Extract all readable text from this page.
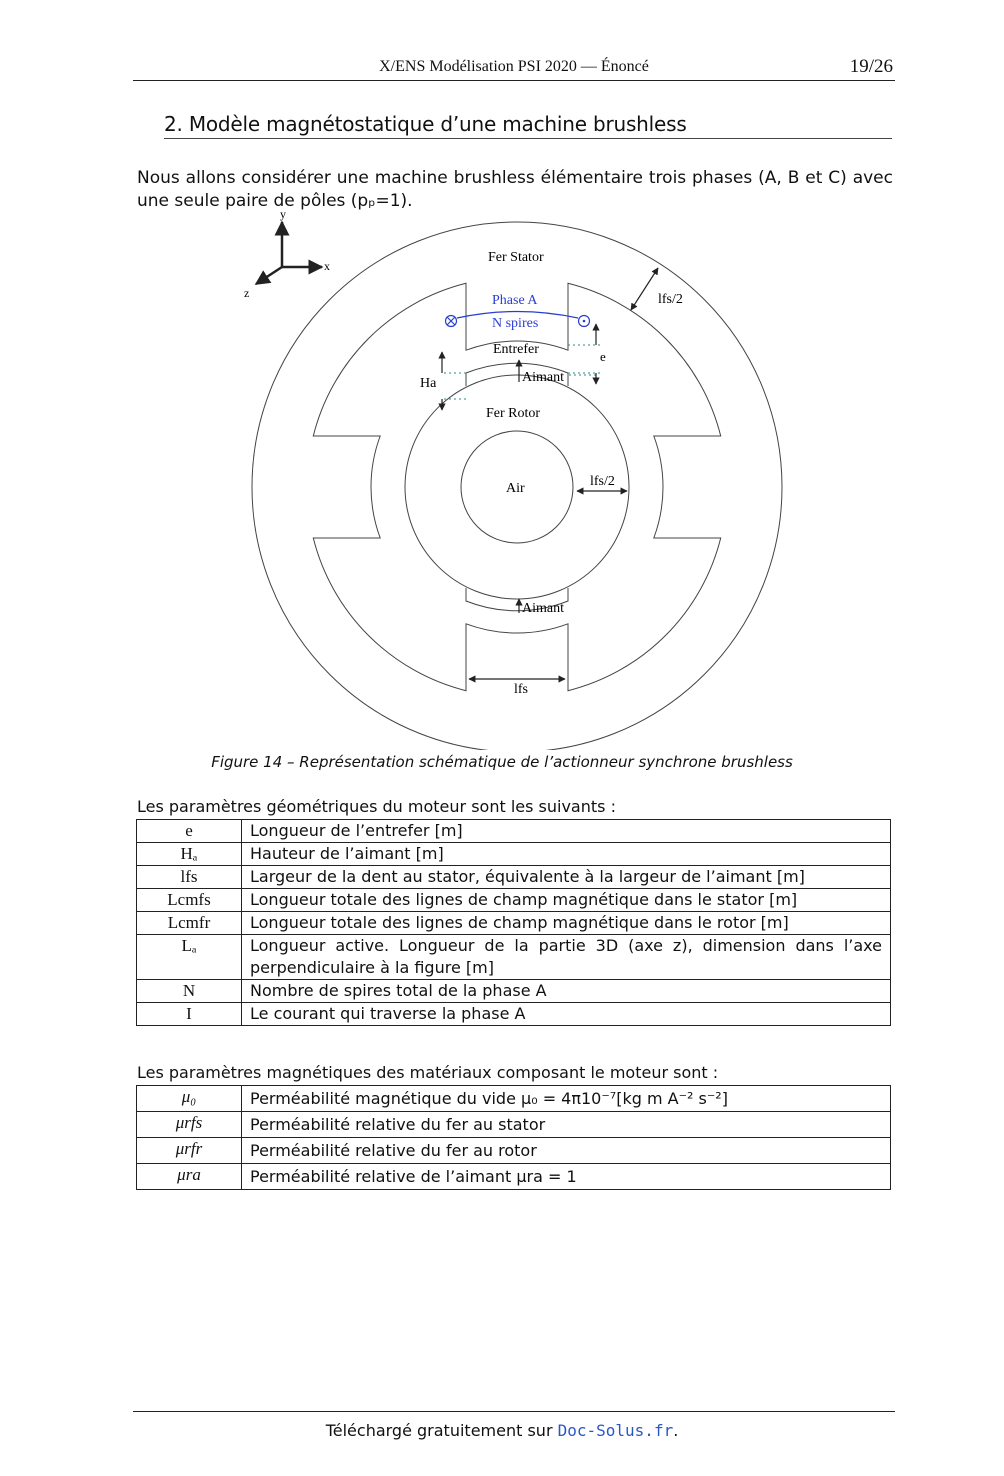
X/ENS Modélisation PSI 2020 — Énoncé	19/26
2. Modèle magnétostatique d’une machine brushless
Nous allons considérer une machine brushless élémentaire trois phases (A, B et C) avec une seule paire de pôles (pₚ=1).
y
x
z
Fer Stator
Phase A
N spires
Entrefer
Aimant
Fer Rotor
Air
Aimant
Ha
e
lfs/2
lfs/2
lfs
Figure 14 – Représentation schématique de l’actionneur synchrone brushless
Les paramètres géométriques du moteur sont les suivants :
e	Longueur de l’entrefer [m]
Hₐ	Hauteur de l’aimant [m]
lfs	Largeur de la dent au stator, équivalente à la largeur de l’aimant [m]
Lcmfs	Longueur totale des lignes de champ magnétique dans le stator [m]
Lcmfr	Longueur totale des lignes de champ magnétique dans le rotor [m]
Lₐ	Longueur active. Longueur de la partie 3D (axe z), dimension dans l’axe perpendiculaire à la figure [m]
N	Nombre de spires total de la phase A
I	Le courant qui traverse la phase A
Les paramètres magnétiques des matériaux composant le moteur sont :
μ₀	Perméabilité magnétique du vide μ₀ = 4π10⁻⁷[kg m A⁻² s⁻²]
μrfs	Perméabilité relative du fer au stator
μrfr	Perméabilité relative du fer au rotor
μra	Perméabilité relative de l’aimant μra = 1
Téléchargé gratuitement sur Doc-Solus.fr.
